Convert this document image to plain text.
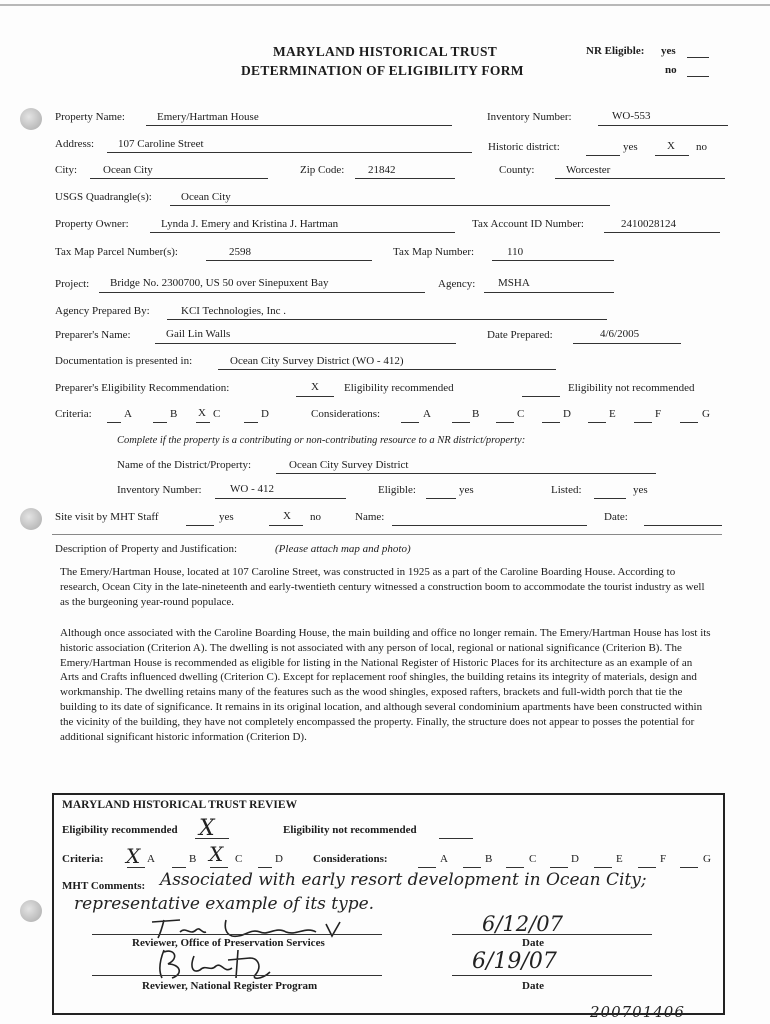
MARYLAND HISTORICAL TRUST
DETERMINATION OF ELIGIBILITY FORM
NR Eligible: yes
no
Property Name:	Emery/Hartman House	Inventory Number:	WO-553
Address: 107 Caroline Street	Historic district:	yes	X no
City: Ocean City	Zip Code: 21842	County:	Worcester
USGS Quadrangle(s):	Ocean City
Property Owner:	Lynda J. Emery and Kristina J. Hartman	Tax Account ID Number:	2410028124
Tax Map Parcel Number(s):	2598	Tax Map Number:	110
Project: Bridge No. 2300700, US 50 over Sinepuxent Bay	Agency: MSHA
Agency Prepared By:	KCI Technologies, Inc .
Preparer's Name:	Gail Lin Walls	Date Prepared:	4/6/2005
Documentation is presented in:	Ocean City Survey District (WO - 412)
Preparer's Eligibility Recommendation:	X Eligibility recommended	Eligibility not recommended
Criteria:	A	B X C	D	Considerations:	A	B	C	D	E	F	G
Complete if the property is a contributing or non-contributing resource to a NR district/property:
Name of the District/Property:	Ocean City Survey District
Inventory Number:	WO - 412	Eligible:	yes	Listed:	yes
Site visit by MHT Staff	yes	X no	Name:	Date:
Description of Property and Justification:	(Please attach map and photo)
The Emery/Hartman House, located at 107 Caroline Street, was constructed in 1925 as a part of the Caroline Boarding House. According to research, Ocean City in the late-nineteenth and early-twentieth century witnessed a construction boom to accommodate the tourist industry as well as the burgeoning year-round populace.
Although once associated with the Caroline Boarding House, the main building and office no longer remain. The Emery/Hartman House has lost its historic association (Criterion A). The dwelling is not associated with any person of local, regional or national significance (Criterion B). The Emery/Hartman House is recommended as eligible for listing in the National Register of Historic Places for its architecture as an example of an Arts and Crafts influenced dwelling (Criterion C). Except for replacement roof shingles, the building retains its integrity of materials, design and workmanship. The dwelling retains many of the features such as the wood shingles, exposed rafters, brackets and full-width porch that tie the building to its date of significance. It remains in its original location, and although several condominium apartments have been constructed within the vicinity of the building, they have not completely encompassed the property. Finally, the structure does not appear to posses the potential for additional significant historic information (Criterion D).
MARYLAND HISTORICAL TRUST REVIEW
Eligibility recommended X	Eligibility not recommended
Criteria: X A	B X C	D	Considerations:	A	B	C	D	E	F	G
MHT Comments: Associated with early resort development in Ocean City;
representative example of its type.
6/12/07
Reviewer, Office of Preservation Services	Date
6/19/07
Reviewer, National Register Program	Date
200701406
